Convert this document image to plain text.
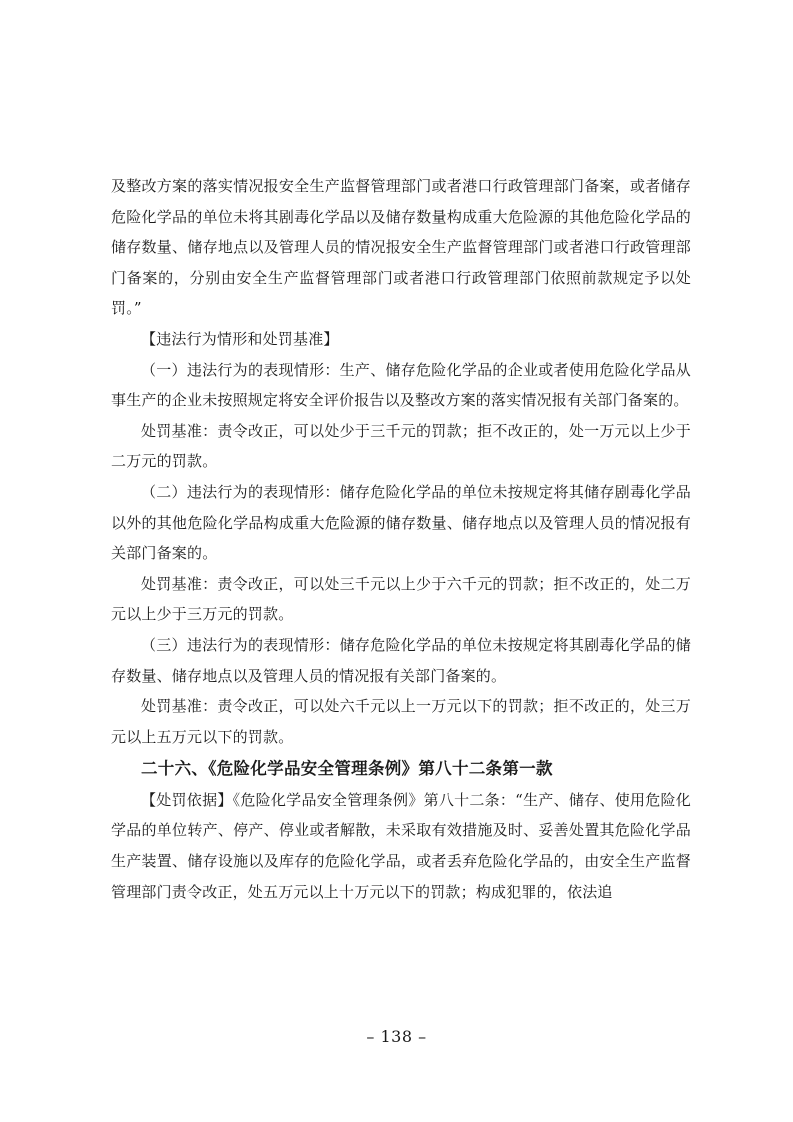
及整改方案的落实情况报安全生产监督管理部门或者港口行政管理部门备案，或者储存危险化学品的单位未将其剧毒化学品以及储存数量构成重大危险源的其他危险化学品的储存数量、储存地点以及管理人员的情况报安全生产监督管理部门或者港口行政管理部门备案的，分别由安全生产监督管理部门或者港口行政管理部门依照前款规定予以处罚。”

【违法行为情形和处罚基准】

（一）违法行为的表现情形：生产、储存危险化学品的企业或者使用危险化学品从事生产的企业未按照规定将安全评价报告以及整改方案的落实情况报有关部门备案的。

处罚基准：责令改正，可以处少于三千元的罚款；拒不改正的，处一万元以上少于二万元的罚款。

（二）违法行为的表现情形：储存危险化学品的单位未按规定将其储存剧毒化学品以外的其他危险化学品构成重大危险源的储存数量、储存地点以及管理人员的情况报有关部门备案的。

处罚基准：责令改正，可以处三千元以上少于六千元的罚款；拒不改正的，处二万元以上少于三万元的罚款。

（三）违法行为的表现情形：储存危险化学品的单位未按规定将其剧毒化学品的储存数量、储存地点以及管理人员的情况报有关部门备案的。

处罚基准：责令改正，可以处六千元以上一万元以下的罚款；拒不改正的，处三万元以上五万元以下的罚款。

二十六、《危险化学品安全管理条例》第八十二条第一款

【处罚依据】《危险化学品安全管理条例》第八十二条：“生产、储存、使用危险化学品的单位转产、停产、停业或者解散，未采取有效措施及时、妥善处置其危险化学品生产装置、储存设施以及库存的危险化学品，或者丢弃危险化学品的，由安全生产监督管理部门责令改正，处五万元以上十万元以下的罚款；构成犯罪的，依法追

– 138 –
